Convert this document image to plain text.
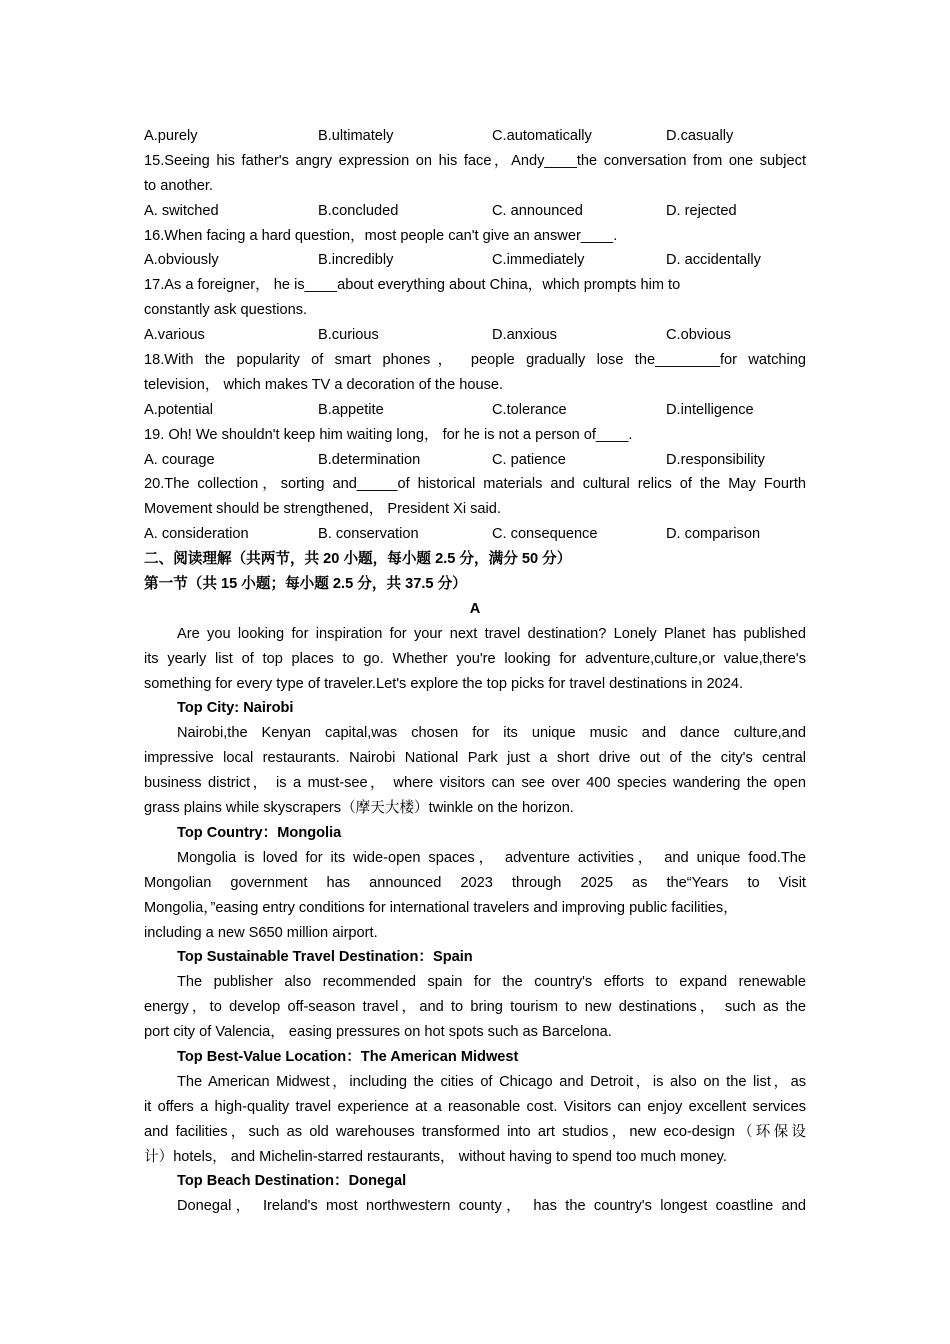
A.purely	B.ultimately	C.automatically	D.casually
15.Seeing his father's angry expression on his face，Andy____the conversation from one subject
to another.
A. switched	B.concluded	C. announced	D. rejected
16.When facing a hard question，most people can't give an answer____.
A.obviously	B.incredibly	C.immediately	D. accidentally
17.As a foreigner， he is____about everything about China，which prompts him to
constantly ask questions.
A.various	B.curious	D.anxious	C.obvious
18.With the popularity of smart phones， people gradually lose the________for watching
television， which makes TV a decoration of the house.
A.potential	B.appetite	C.tolerance	D.intelligence
19. Oh! We shouldn't keep him waiting long， for he is not a person of____.
A. courage	B.determination	C. patience	D.responsibility
20.The collection，sorting and_____of historical materials and cultural relics of the May Fourth
Movement should be strengthened， President Xi said.
A. consideration	B. conservation	C. consequence	D. comparison
二、阅读理解（共两节，共 20 小题，每小题 2.5 分，满分 50 分）
第一节（共 15 小题；每小题 2.5 分，共 37.5 分）
A
Are you looking for inspiration for your next travel destination? Lonely Planet has published
its yearly list of top places to go. Whether you're looking for adventure,culture,or value,there's
something for every type of traveler.Let's explore the top picks for travel destinations in 2024.
Top City: Nairobi
Nairobi,the Kenyan capital,was chosen for its unique music and dance culture,and
impressive local restaurants. Nairobi National Park just a short drive out of the city's central
business district， is a must-see， where visitors can see over 400 species wandering the open
grass plains while skyscrapers（摩天大楼）twinkle on the horizon.
Top Country：Mongolia
Mongolia is loved for its wide-open spaces， adventure activities， and unique food.The
Mongolian government has announced 2023 through 2025 as the“Years to Visit
Mongolia，”easing entry conditions for international travelers and improving public facilities，
including a new S650 million airport.
Top Sustainable Travel Destination：Spain
The publisher also recommended spain for the country's efforts to expand renewable
energy，to develop off-season travel，and to bring tourism to new destinations， such as the
port city of Valencia， easing pressures on hot spots such as Barcelona.
Top Best-Value Location：The American Midwest
The American Midwest，including the cities of Chicago and Detroit，is also on the list，as
it offers a high-quality travel experience at a reasonable cost. Visitors can enjoy excellent services
and facilities，such as old warehouses transformed into art studios，new eco-design（环保设
计）hotels， and Michelin-starred restaurants， without having to spend too much money.
Top Beach Destination：Donegal
Donegal， Ireland's most northwestern county， has the country's longest coastline and
